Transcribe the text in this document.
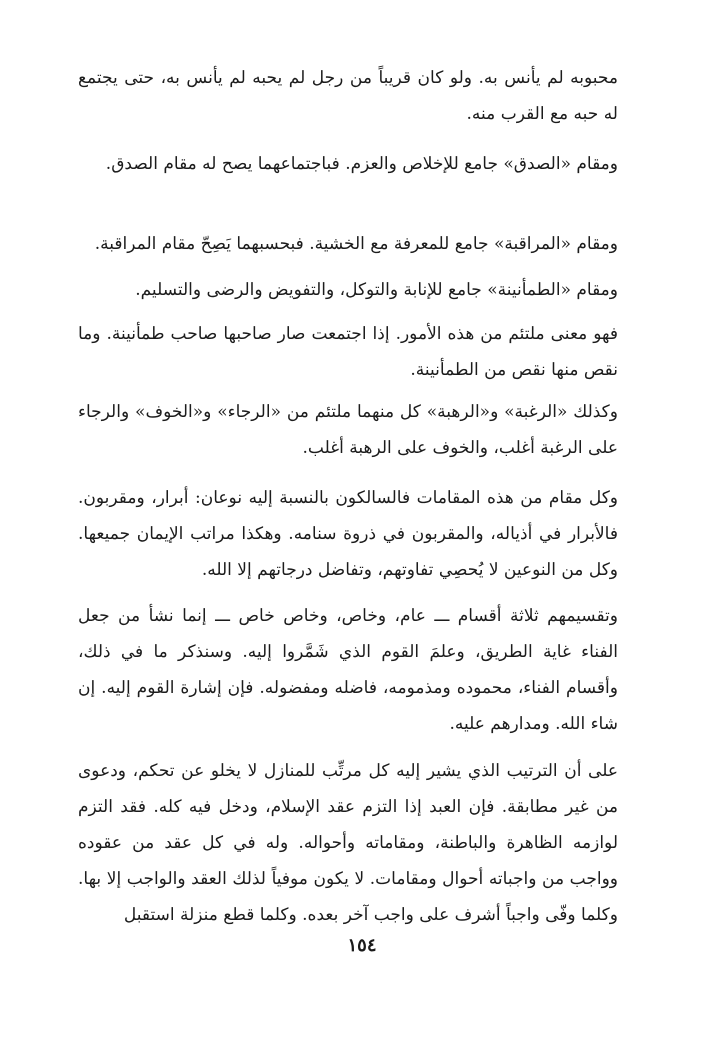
محبوبه لم يأنس به. ولو كان قريباً من رجل لم يحبه لم يأنس به، حتى يجتمع له حبه مع القرب منه.

ومقام «الصدق» جامع للإخلاص والعزم. فباجتماعهما يصح له مقام الصدق.

ومقام «المراقبة» جامع للمعرفة مع الخشية. فبحسبهما يَصِحّ مقام المراقبة.

ومقام «الطمأنينة» جامع للإنابة والتوكل، والتفويض والرضى والتسليم.

فهو معنى ملتئم من هذه الأمور. إذا اجتمعت صار صاحبها صاحب طمأنينة. وما نقص منها نقص من الطمأنينة.

وكذلك «الرغبة» و«الرهبة» كل منهما ملتئم من «الرجاء» و«الخوف» والرجاء على الرغبة أغلب، والخوف على الرهبة أغلب.

وكل مقام من هذه المقامات فالسالكون بالنسبة إليه نوعان: أبرار، ومقربون. فالأبرار في أذياله، والمقربون في ذروة سنامه. وهكذا مراتب الإيمان جميعها. وكل من النوعين لا يُحصِي تفاوتهم، وتفاضل درجاتهم إلا الله.

وتقسيمهم ثلاثة أقسام ـــ عام، وخاص، وخاص خاص ـــ إنما نشأ من جعل الفناء غاية الطريق، وعلمَ القوم الذي شَمَّروا إليه. وسنذكر ما في ذلك، وأقسام الفناء، محموده ومذمومه، فاضله ومفضوله. فإن إشارة القوم إليه. إن شاء الله. ومدارهم عليه.

على أن الترتيب الذي يشير إليه كل مرتِّب للمنازل لا يخلو عن تحكم، ودعوى من غير مطابقة. فإن العبد إذا التزم عقد الإسلام، ودخل فيه كله. فقد التزم لوازمه الظاهرة والباطنة، ومقاماته وأحواله. وله في كل عقد من عقوده وواجب من واجباته أحوال ومقامات. لا يكون موفياً لذلك العقد والواجب إلا بها. وكلما وفّى واجباً أشرف على واجب آخر بعده. وكلما قطع منزلة استقبل

١٥٤
